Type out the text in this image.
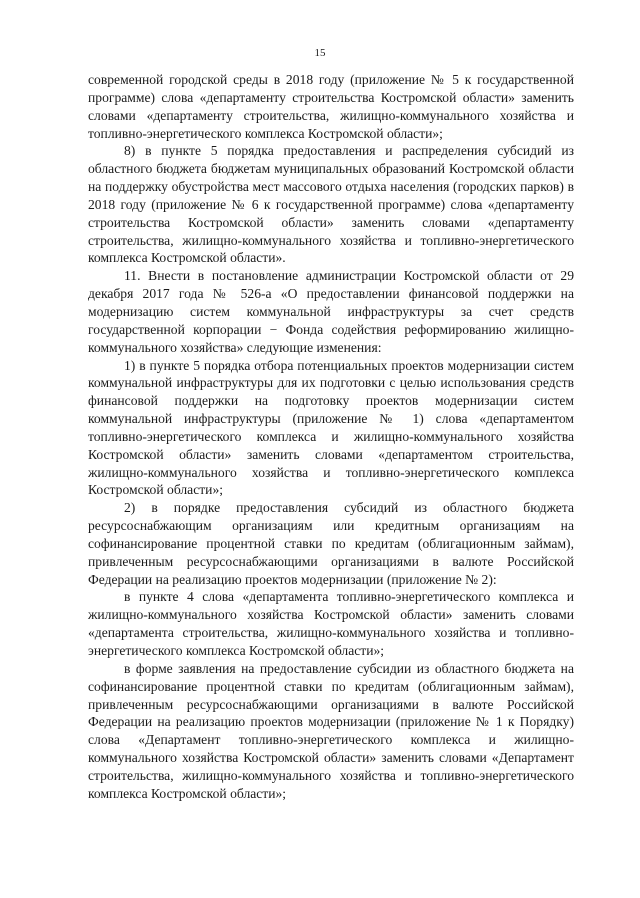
15

современной городской среды в 2018 году (приложение № 5 к государственной программе) слова «департаменту строительства Костромской области» заменить словами «департаменту строительства, жилищно-коммунального хозяйства и топливно-энергетического комплекса Костромской области»;

8) в пункте 5 порядка предоставления и распределения субсидий из областного бюджета бюджетам муниципальных образований Костромской области на поддержку обустройства мест массового отдыха населения (городских парков) в 2018 году (приложение № 6 к государственной программе) слова «департаменту строительства Костромской области» заменить словами «департаменту строительства, жилищно-коммунального хозяйства и топливно-энергетического комплекса Костромской области».

11. Внести в постановление администрации Костромской области от 29 декабря 2017 года № 526-а «О предоставлении финансовой поддержки на модернизацию систем коммунальной инфраструктуры за счет средств государственной корпорации − Фонда содействия реформированию жилищно-коммунального хозяйства» следующие изменения:

1) в пункте 5 порядка отбора потенциальных проектов модернизации систем коммунальной инфраструктуры для их подготовки с целью использования средств финансовой поддержки на подготовку проектов модернизации систем коммунальной инфраструктуры (приложение № 1) слова «департаментом топливно-энергетического комплекса и жилищно-коммунального хозяйства Костромской области» заменить словами «департаментом строительства, жилищно-коммунального хозяйства и топливно-энергетического комплекса Костромской области»;

2) в порядке предоставления субсидий из областного бюджета ресурсоснабжающим организациям или кредитным организациям на софинансирование процентной ставки по кредитам (облигационным займам), привлеченным ресурсоснабжающими организациями в валюте Российской Федерации на реализацию проектов модернизации (приложение № 2):

в пункте 4 слова «департамента топливно-энергетического комплекса и жилищно-коммунального хозяйства Костромской области» заменить словами «департамента строительства, жилищно-коммунального хозяйства и топливно-энергетического комплекса Костромской области»;

в форме заявления на предоставление субсидии из областного бюджета на софинансирование процентной ставки по кредитам (облигационным займам), привлеченным ресурсоснабжающими организациями в валюте Российской Федерации на реализацию проектов модернизации (приложение № 1 к Порядку) слова «Департамент топливно-энергетического комплекса и жилищно-коммунального хозяйства Костромской области» заменить словами «Департамент строительства, жилищно-коммунального хозяйства и топливно-энергетического комплекса Костромской области»;
